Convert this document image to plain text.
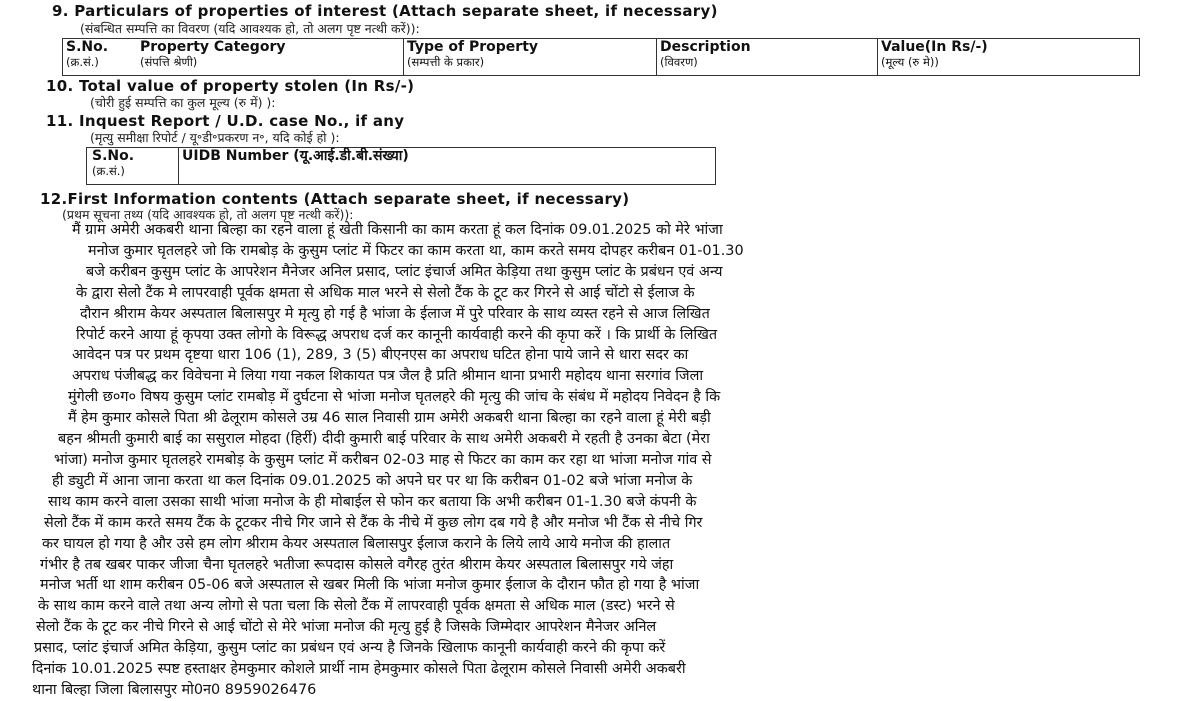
9. Particulars of properties of interest (Attach separate sheet, if necessary)
(संबन्धित सम्पत्ति का विवरण (यदि आवश्यक हो, तो अलग पृष्ट नत्थी करें)):
S.No.
(क्र.सं.)
Property Category
(संपत्ति श्रेणी)
Type of Property
(सम्पत्ती के प्रकार)
Description
(विवरण)
Value(In Rs/-)
(मूल्य (रु मे))
10. Total value of property stolen (In Rs/-)
(चोरी हुई सम्पत्ति का कुल मूल्य (रु में) ):
11. Inquest Report / U.D. case No., if any
(मृत्यु समीक्षा रिपोर्ट / यू॰डी॰प्रकरण न॰, यदि कोई हो ):
S.No.
(क्र.सं.)
UIDB Number (यू.आई.डी.बी.संख्या)
12.First Information contents (Attach separate sheet, if necessary)
(प्रथम सूचना तथ्य (यदि आवश्यक हो, तो अलग पृष्ट नत्थी करें)):
मैं ग्राम अमेरी अकबरी थाना बिल्हा का रहने वाला हूं खेती किसानी का काम करता हूं कल दिनांक 09.01.2025 को मेरे भांजा
मनोज कुमार घृतलहरे जो कि रामबोड़ के कुसुम प्लांट में फिटर का काम करता था, काम करते समय दोपहर करीबन 01-01.30
बजे करीबन कुसुम प्लांट के आपरेशन मैनेजर अनिल प्रसाद, प्लांट इंचार्ज अमित केड़िया तथा कुसुम प्लांट के प्रबंधन एवं अन्य
के द्वारा सेलो टैंक मे लापरवाही पूर्वक क्षमता से अधिक माल भरने से सेलो टैंक के टूट कर गिरने से आई चोंटो से ईलाज के
दौरान श्रीराम केयर अस्पताल बिलासपुर मे मृत्यु हो गई है भांजा के ईलाज में पुरे परिवार के साथ व्यस्त रहने से आज लिखित
रिपोर्ट करने आया हूं कृपया उक्त लोगो के विरूद्ध अपराध दर्ज कर कानूनी कार्यवाही करने की कृपा करें । कि प्रार्थी के लिखित
आवेदन पत्र पर प्रथम दृष्टया धारा 106 (1), 289, 3 (5) बीएनएस का अपराध घटित होना पाये जाने से धारा सदर का
अपराध पंजीबद्ध कर विवेचना मे लिया गया नकल शिकायत पत्र जैल है प्रति श्रीमान थाना प्रभारी महोदय थाना सरगांव जिला
मुंगेली छ०ग० विषय कुसुम प्लांट रामबोड़ में दुर्घटना से भांजा मनोज घृतलहरे की मृत्यु की जांच के संबंध में महोदय निवेदन है कि
मैं हेम कुमार कोसले पिता श्री ढेलूराम कोसले उम्र 46 साल निवासी ग्राम अमेरी अकबरी थाना बिल्हा का रहने वाला हूं मेरी बड़ी
बहन श्रीमती कुमारी बाई का ससुराल मोहदा (हिर्री) दीदी कुमारी बाई परिवार के साथ अमेरी अकबरी मे रहती है उनका बेटा (मेरा
भांजा) मनोज कुमार घृतलहरे रामबोड़ के कुसुम प्लांट में करीबन 02-03 माह से फिटर का काम कर रहा था भांजा मनोज गांव से
ही ड्युटी में आना जाना करता था कल दिनांक 09.01.2025 को अपने घर पर था कि करीबन 01-02 बजे भांजा मनोज के
साथ काम करने वाला उसका साथी भांजा मनोज के ही मोबाईल से फोन कर बताया कि अभी करीबन 01-1.30 बजे कंपनी के
सेलो टैंक में काम करते समय टैंक के टूटकर नीचे गिर जाने से टैंक के नीचे में कुछ लोग दब गये है और मनोज भी टैंक से नीचे गिर
कर घायल हो गया है और उसे हम लोग श्रीराम केयर अस्पताल बिलासपुर ईलाज कराने के लिये लाये आये मनोज की हालात
गंभीर है तब खबर पाकर जीजा चैना घृतलहरे भतीजा रूपदास कोसले वगैरह तुरंत श्रीराम केयर अस्पताल बिलासपुर गये जंहा
मनोज भर्ती था शाम करीबन 05-06 बजे अस्पताल से खबर मिली कि भांजा मनोज कुमार ईलाज के दौरान फौत हो गया है भांजा
के साथ काम करने वाले तथा अन्य लोगो से पता चला कि सेलो टैंक में लापरवाही पूर्वक क्षमता से अधिक माल (डस्ट) भरने से
सेलो टैंक के टूट कर नीचे गिरने से आई चोंटो से मेरे भांजा मनोज की मृत्यु हुई है जिसके जिम्मेदार आपरेशन मैनेजर अनिल
प्रसाद, प्लांट इंचार्ज अमित केड़िया, कुसुम प्लांट का प्रबंधन एवं अन्य है जिनके खिलाफ कानूनी कार्यवाही करने की कृपा करें
दिनांक 10.01.2025 स्पष्ट हस्ताक्षर हेमकुमार कोशले प्रार्थी नाम हेमकुमार कोसले पिता ढेलूराम कोसले निवासी अमेरी अकबरी
थाना बिल्हा जिला बिलासपुर मो0न0 8959026476
